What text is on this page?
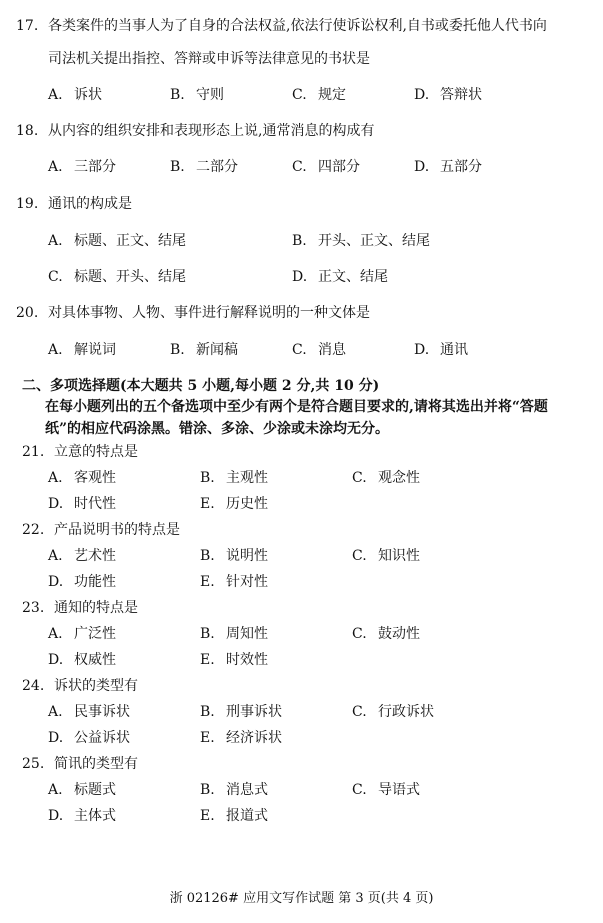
17. 各类案件的当事人为了自身的合法权益,依法行使诉讼权利,自书或委托他人代书向
司法机关提出指控、答辩或申诉等法律意见的书状是
A. 诉状	B. 守则	C. 规定	D. 答辩状
18. 从内容的组织安排和表现形态上说,通常消息的构成有
A. 三部分	B. 二部分	C. 四部分	D. 五部分
19. 通讯的构成是
A. 标题、正文、结尾	B. 开头、正文、结尾
C. 标题、开头、结尾	D. 正文、结尾
20. 对具体事物、人物、事件进行解释说明的一种文体是
A. 解说词	B. 新闻稿	C. 消息	D. 通讯
二、多项选择题(本大题共 5 小题,每小题 2 分,共 10 分)
在每小题列出的五个备选项中至少有两个是符合题目要求的,请将其选出并将“答题
纸”的相应代码涂黑。错涂、多涂、少涂或未涂均无分。
21. 立意的特点是
A. 客观性	B. 主观性	C. 观念性
D. 时代性	E. 历史性
22. 产品说明书的特点是
A. 艺术性	B. 说明性	C. 知识性
D. 功能性	E. 针对性
23. 通知的特点是
A. 广泛性	B. 周知性	C. 鼓动性
D. 权威性	E. 时效性
24. 诉状的类型有
A. 民事诉状	B. 刑事诉状	C. 行政诉状
D. 公益诉状	E. 经济诉状
25. 简讯的类型有
A. 标题式	B. 消息式	C. 导语式
D. 主体式	E. 报道式
浙 02126# 应用文写作试题 第 3 页(共 4 页)
